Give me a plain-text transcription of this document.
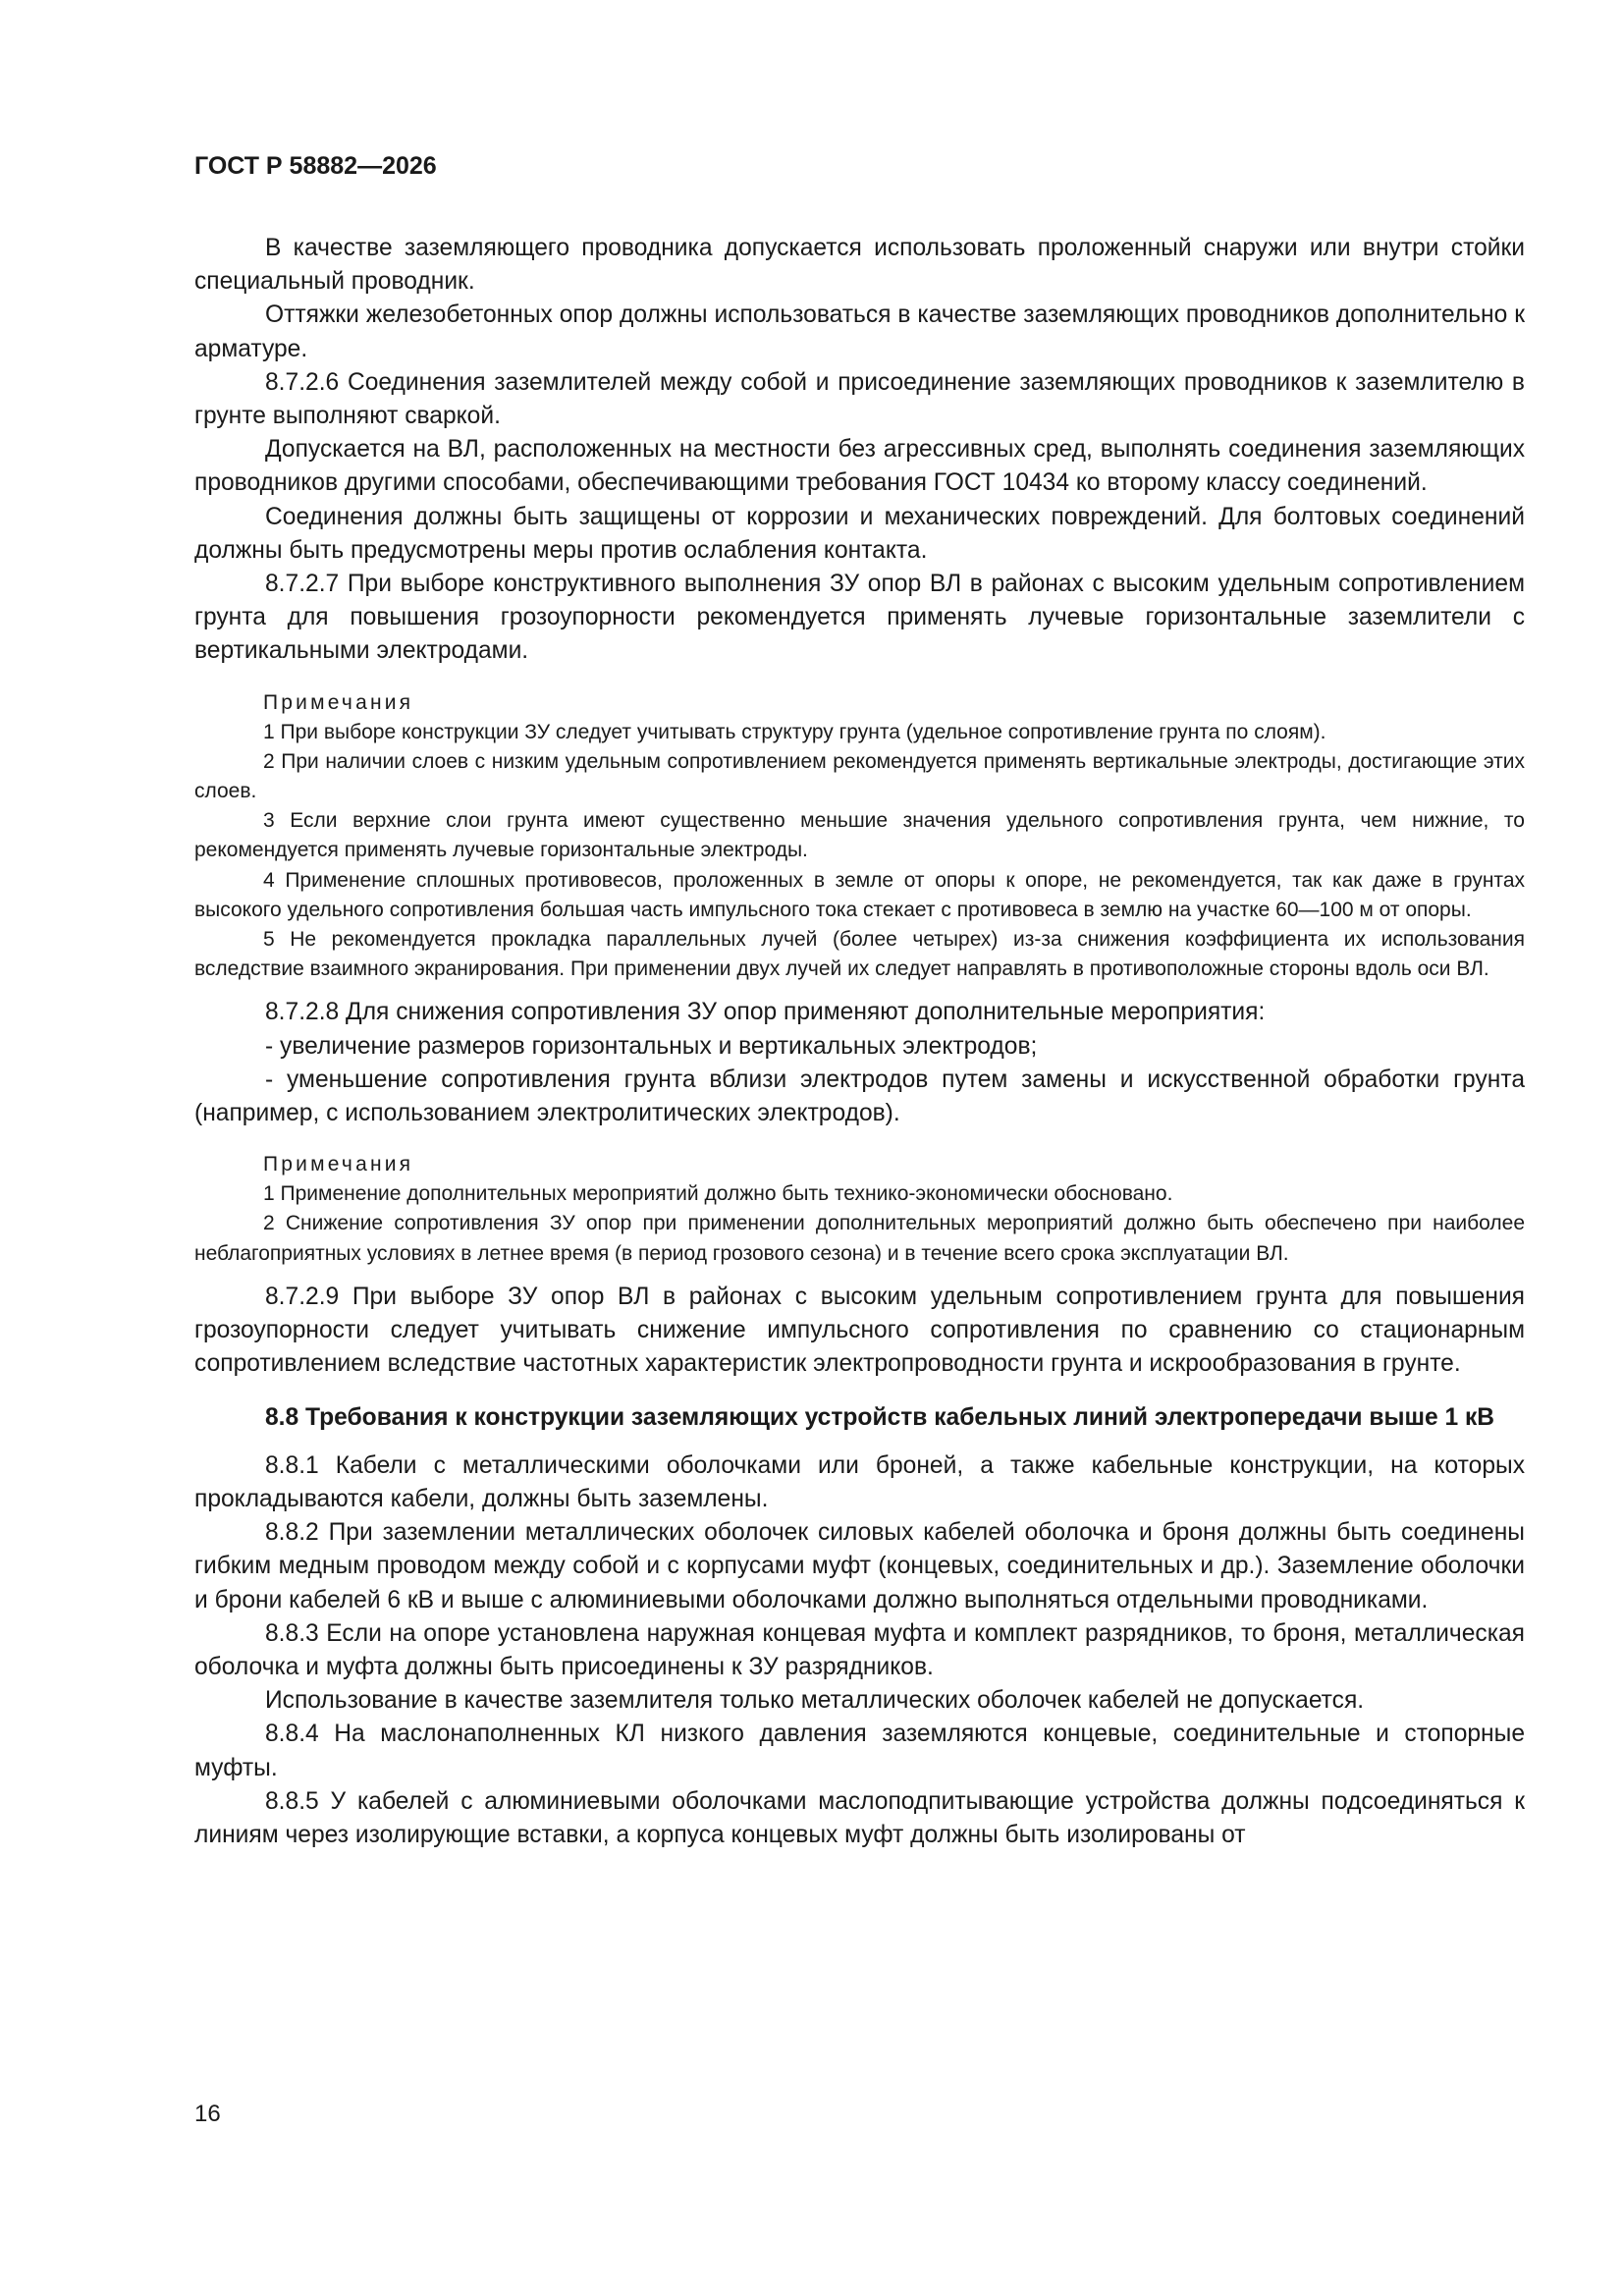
ГОСТ Р 58882—2026

В качестве заземляющего проводника допускается использовать проложенный снаружи или внутри стойки специальный проводник.

Оттяжки железобетонных опор должны использоваться в качестве заземляющих проводников дополнительно к арматуре.

8.7.2.6 Соединения заземлителей между собой и присоединение заземляющих проводников к заземлителю в грунте выполняют сваркой.

Допускается на ВЛ, расположенных на местности без агрессивных сред, выполнять соединения заземляющих проводников другими способами, обеспечивающими требования ГОСТ 10434 ко второму классу соединений.

Соединения должны быть защищены от коррозии и механических повреждений. Для болтовых соединений должны быть предусмотрены меры против ослабления контакта.

8.7.2.7 При выборе конструктивного выполнения ЗУ опор ВЛ в районах с высоким удельным сопротивлением грунта для повышения грозоупорности рекомендуется применять лучевые горизонтальные заземлители с вертикальными электродами.

Примечания

1 При выборе конструкции ЗУ следует учитывать структуру грунта (удельное сопротивление грунта по слоям).

2 При наличии слоев с низким удельным сопротивлением рекомендуется применять вертикальные электроды, достигающие этих слоев.

3 Если верхние слои грунта имеют существенно меньшие значения удельного сопротивления грунта, чем нижние, то рекомендуется применять лучевые горизонтальные электроды.

4 Применение сплошных противовесов, проложенных в земле от опоры к опоре, не рекомендуется, так как даже в грунтах высокого удельного сопротивления большая часть импульсного тока стекает с противовеса в землю на участке 60—100 м от опоры.

5 Не рекомендуется прокладка параллельных лучей (более четырех) из-за снижения коэффициента их использования вследствие взаимного экранирования. При применении двух лучей их следует направлять в противоположные стороны вдоль оси ВЛ.

8.7.2.8 Для снижения сопротивления ЗУ опор применяют дополнительные мероприятия:

- увеличение размеров горизонтальных и вертикальных электродов;

- уменьшение сопротивления грунта вблизи электродов путем замены и искусственной обработки грунта (например, с использованием электролитических электродов).

Примечания

1 Применение дополнительных мероприятий должно быть технико-экономически обосновано.

2 Снижение сопротивления ЗУ опор при применении дополнительных мероприятий должно быть обеспечено при наиболее неблагоприятных условиях в летнее время (в период грозового сезона) и в течение всего срока эксплуатации ВЛ.

8.7.2.9 При выборе ЗУ опор ВЛ в районах с высоким удельным сопротивлением грунта для повышения грозоупорности следует учитывать снижение импульсного сопротивления по сравнению со стационарным сопротивлением вследствие частотных характеристик электропроводности грунта и искрообразования в грунте.

8.8 Требования к конструкции заземляющих устройств кабельных линий электропередачи выше 1 кВ

8.8.1 Кабели с металлическими оболочками или броней, а также кабельные конструкции, на которых прокладываются кабели, должны быть заземлены.

8.8.2 При заземлении металлических оболочек силовых кабелей оболочка и броня должны быть соединены гибким медным проводом между собой и с корпусами муфт (концевых, соединительных и др.). Заземление оболочки и брони кабелей 6 кВ и выше с алюминиевыми оболочками должно выполняться отдельными проводниками.

8.8.3 Если на опоре установлена наружная концевая муфта и комплект разрядников, то броня, металлическая оболочка и муфта должны быть присоединены к ЗУ разрядников.

Использование в качестве заземлителя только металлических оболочек кабелей не допускается.

8.8.4 На маслонаполненных КЛ низкого давления заземляются концевые, соединительные и стопорные муфты.

8.8.5 У кабелей с алюминиевыми оболочками маслоподпитывающие устройства должны подсоединяться к линиям через изолирующие вставки, а корпуса концевых муфт должны быть изолированы от

16
